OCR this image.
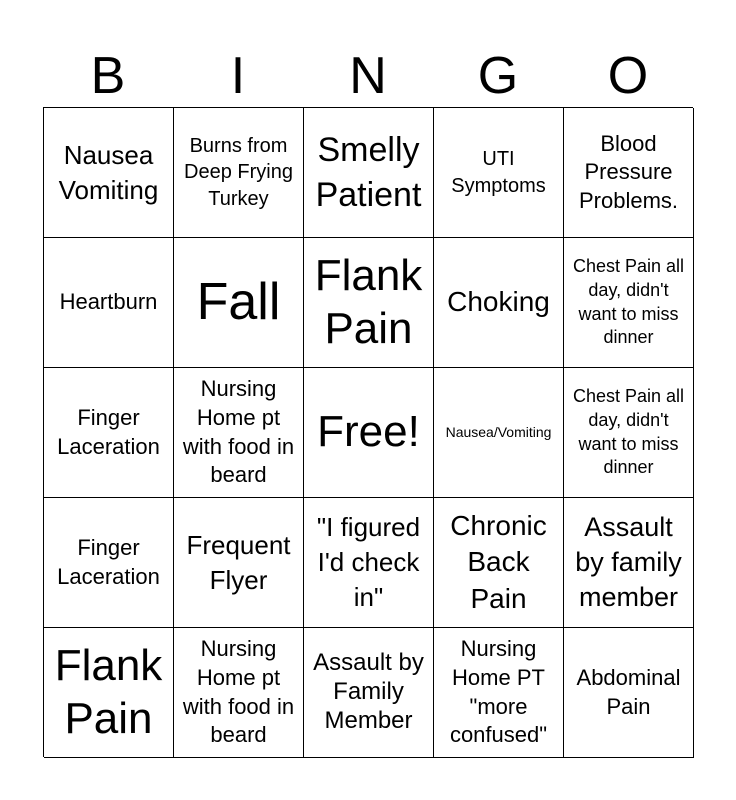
B	I	N	G	O
Nausea Vomiting
Burns from Deep Frying Turkey
Smelly Patient
UTI Symptoms
Blood Pressure Problems.
Heartburn Fall Flank Pain
Choking
Chest Pain all day, didn't want to miss dinner
Finger Laceration
Nursing Home pt with food in beard
Free! Nausea/Vomiting
Chest Pain all day, didn't want to miss dinner
Finger Laceration
Frequent Flyer
"I figured I'd check in"
Chronic Back Pain
Assault by family member
Flank Pain
Nursing Home pt with food in beard
Assault by Family Member
Nursing Home PT "more confused"
Abdominal Pain
